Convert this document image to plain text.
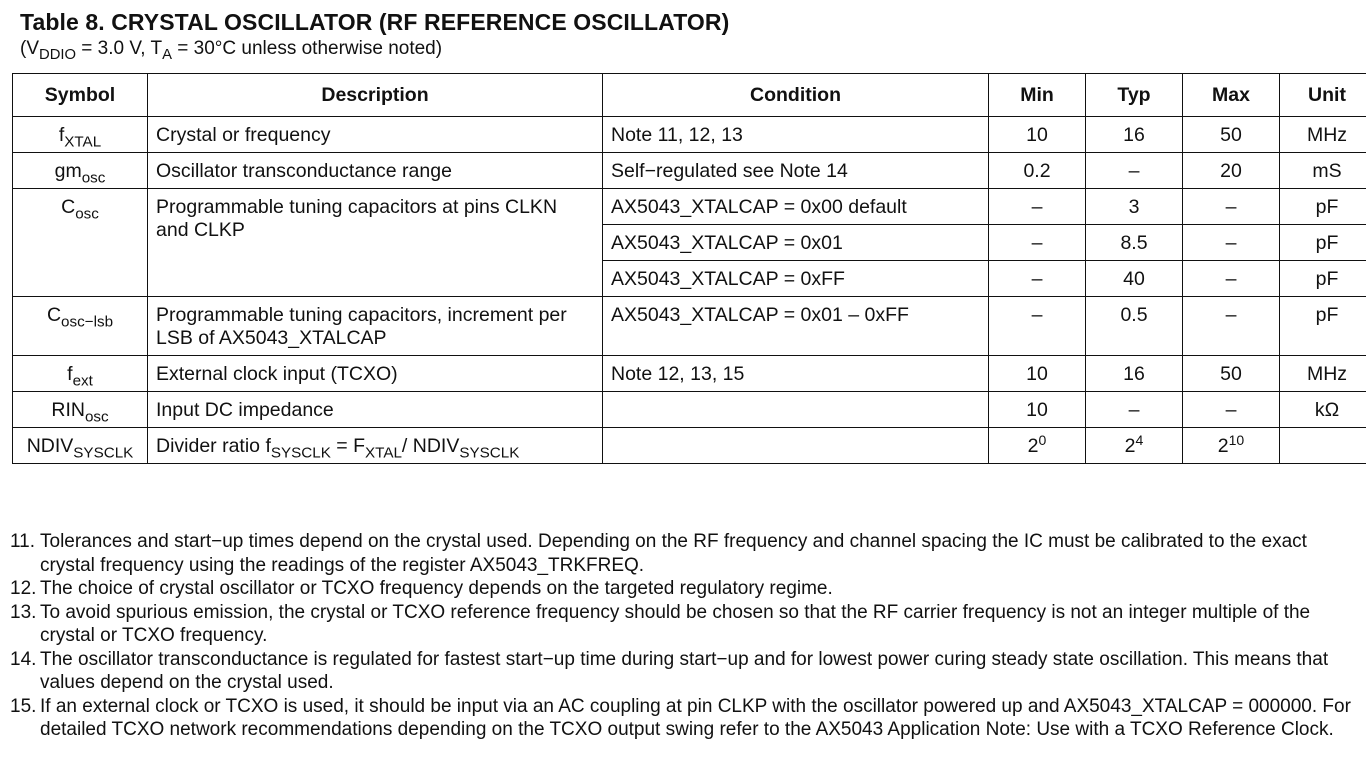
Table 8. CRYSTAL OSCILLATOR (RF REFERENCE OSCILLATOR)
($V_{DDIO} = 3.0$ V, $T_A = 30^\circ C$ unless otherwise noted)
Symbol	Description	Condition	Min	Typ	Max	Unit
$f_{XTAL}$	Crystal or frequency	Note 11, 12, 13	10	16	50	MHz
$gm_{osc}$	Oscillator transconductance range	Self−regulated see Note 14	0.2	–	20	mS
$C_{osc}$	Programmable tuning capacitors at pins CLKN and CLKP	AX5043_XTALCAP = 0x00 default	–	3	–	pF
		AX5043_XTALCAP = 0x01	–	8.5	–	pF
		AX5043_XTALCAP = 0xFF	–	40	–	pF
$C_{osc-lsb}$	Programmable tuning capacitors, increment per LSB of AX5043_XTALCAP	AX5043_XTALCAP = 0x01 – 0xFF	–	0.5	–	pF
$f_{ext}$	External clock input (TCXO)	Note 12, 13, 15	10	16	50	MHz
$RIN_{osc}$	Input DC impedance		10	–	–	kΩ
$NDIV_{SYSCLK}$	Divider ratio $f_{SYSCLK} = F_{XTAL}/$ $NDIV_{SYSCLK}$		$2^0$	$2^4$	$2^{10}$	
11. Tolerances and start−up times depend on the crystal used. Depending on the RF frequency and channel spacing the IC must be calibrated to the exact crystal frequency using the readings of the register AX5043_TRKFREQ.
12. The choice of crystal oscillator or TCXO frequency depends on the targeted regulatory regime.
13. To avoid spurious emission, the crystal or TCXO reference frequency should be chosen so that the RF carrier frequency is not an integer multiple of the crystal or TCXO frequency.
14. The oscillator transconductance is regulated for fastest start−up time during start−up and for lowest power curing steady state oscillation. This means that values depend on the crystal used.
15. If an external clock or TCXO is used, it should be input via an AC coupling at pin CLKP with the oscillator powered up and AX5043_XTALCAP = 000000. For detailed TCXO network recommendations depending on the TCXO output swing refer to the AX5043 Application Note: Use with a TCXO Reference Clock.
